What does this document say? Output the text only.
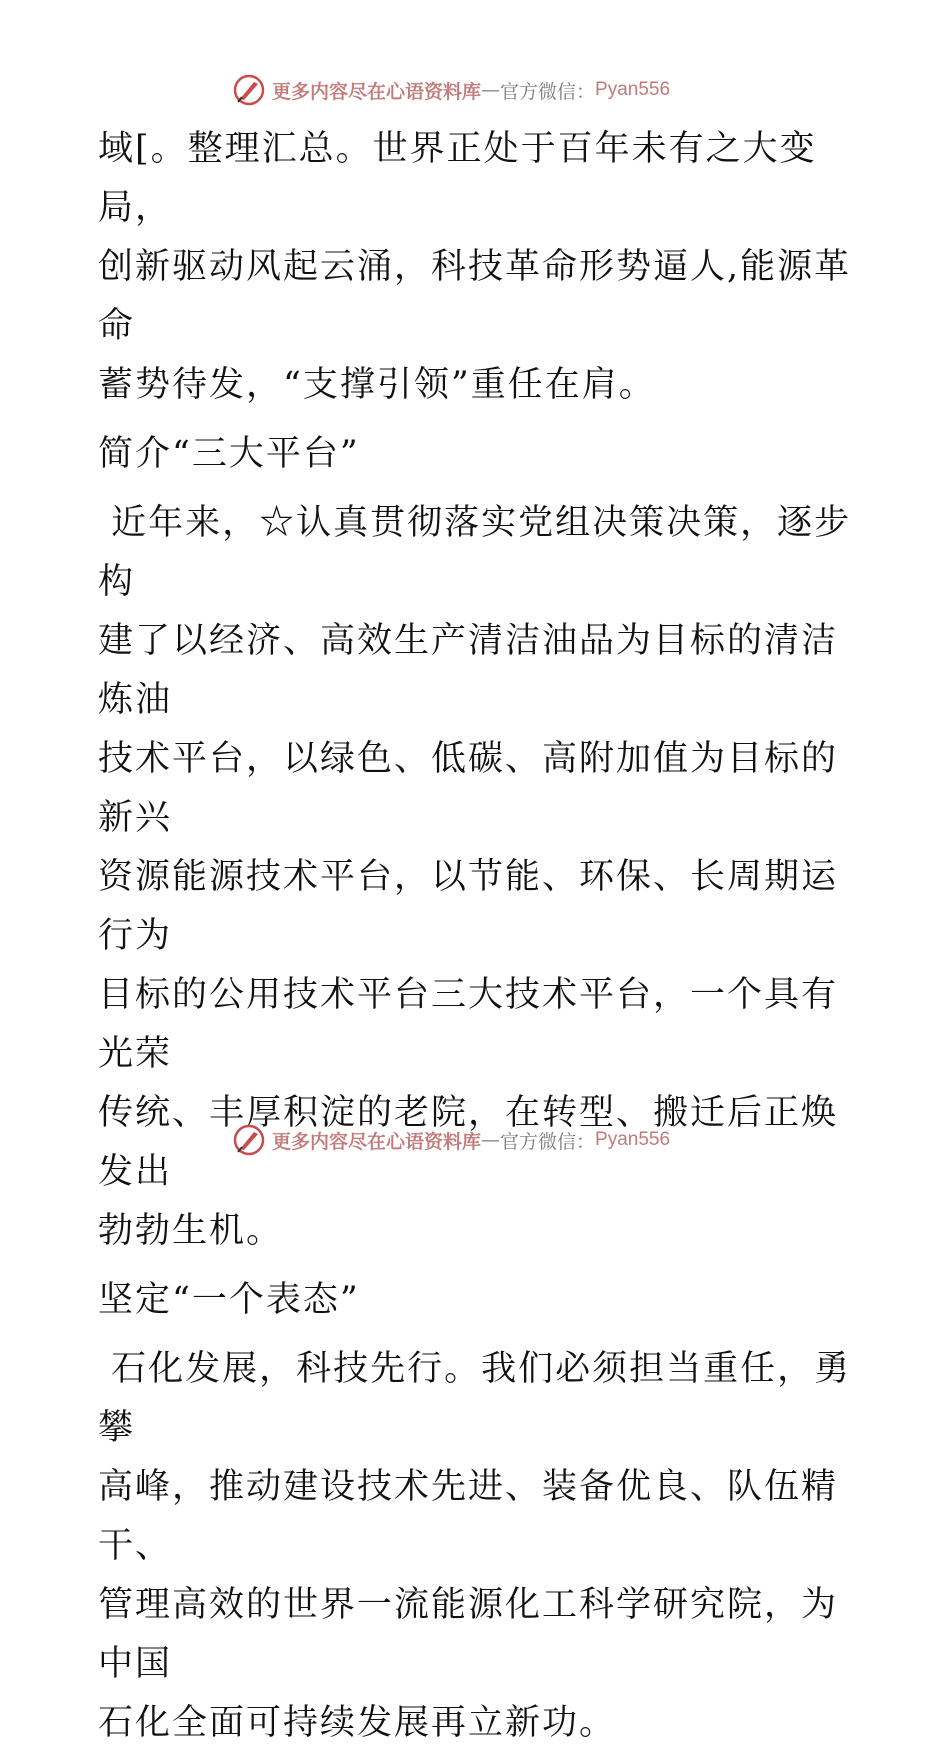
更多内容尽在心语资料库 — 官方微信： Pyan556

域[。整理汇总。世界正处于百年未有之大变局，

创新驱动风起云涌，科技革命形势逼人,能源革命

蓄势待发，“支撑引领”重任在肩。

简介“三大平台”

近年来，☆认真贯彻落实党组决策决策，逐步构

建了以经济、高效生产清洁油品为目标的清洁炼油

技术平台，以绿色、低碳、高附加值为目标的新兴

资源能源技术平台，以节能、环保、长周期运行为

目标的公用技术平台三大技术平台，一个具有光荣

传统、丰厚积淀的老院，在转型、搬迁后正焕发出

勃勃生机。

坚定“一个表态”

石化发展，科技先行。我们必须担当重任，勇攀

高峰，推动建设技术先进、装备优良、队伍精干、

管理高效的世界一流能源化工科学研究院，为中国

石化全面可持续发展再立新功。

更多内容尽在心语资料库 — 官方微信： Pyan556
